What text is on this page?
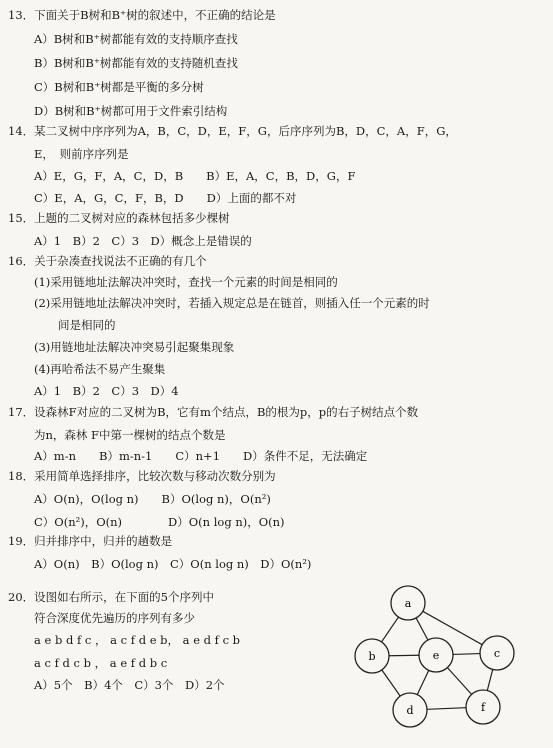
13．下面关于B树和B⁺树的叙述中，不正确的结论是
A）B树和B⁺树都能有效的支持顺序查找
B）B树和B⁺树都能有效的支持随机查找
C）B树和B⁺树都是平衡的多分树
D）B树和B⁺树都可用于文件索引结构
14．某二叉树中序序列为A，B，C，D，E，F，G，后序序列为B，D，C，A，F，G，
E，　则前序序列是
A）E，G，F，A，C，D，B　　B）E，A，C，B，D，G，F
C）E，A，G，C，F，B，D　　D）上面的都不对
15．上题的二叉树对应的森林包括多少棵树
A）1　B）2　C）3　D）概念上是错误的
16．关于杂凑查找说法不正确的有几个
(1)采用链地址法解决冲突时，查找一个元素的时间是相同的
(2)采用链地址法解决冲突时，若插入规定总是在链首，则插入任一个元素的时
间是相同的
(3)用链地址法解决冲突易引起聚集现象
(4)再哈希法不易产生聚集
A）1　B）2　C）3　D）4
17．设森林F对应的二叉树为B，它有m个结点，B的根为p，p的右子树结点个数
为n，森林 F中第一棵树的结点个数是
A）m-n　　B）m-n-1　　C）n+1　　D）条件不足，无法确定
18．采用简单选择排序，比较次数与移动次数分别为
A）O(n)，O(log n)　　B）O(log n)，O(n²)
C）O(n²)，O(n)　　　　D）O(n log n)，O(n)
19．归并排序中，归并的趟数是
A）O(n)　B）O(log n)　C）O(n log n)　D）O(n²)
20．设图如右所示，在下面的5个序列中
符合深度优先遍历的序列有多少
a e b d f c ， a c f d e b， a e d f c b
a c f d c b ， a e f d b c
A）5个　B）4个　C）3个　D）2个
a
b	e	c
d	f
